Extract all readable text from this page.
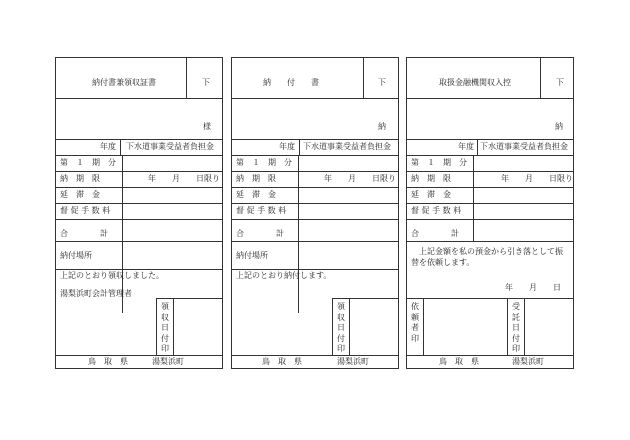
納付書兼領収証書	下
様
年度 下水道事業受益者負担金
第　１　期　分
納　期　限	年　　月　　日限り
延　滞　金
督 促 手 数 料
合　　　　計
納付場所
上記のとおり領収しました。
湯梨浜町会計管理者
領収日付印
鳥　取　県	湯梨浜町
納　　付　　書	下
納
年度 下水道事業受益者負担金
第　１　期　分
納　期　限	年　　月　　日限り
延　滞　金
督 促 手 数 料
合　　　　計
納付場所
上記のとおり納付します。
領収日付印
鳥　取　県	湯梨浜町
取扱金融機関収入控	下
納
年度 下水道事業受益者負担金
第　１　期　分
納　期　限	年　　月　　日限り
延　滞　金
督 促 手 数 料
合　　　　計
上記金額を私の預金から引き落として振替を依頼します。
年　　月　　日
依頼者印
受託日付印
鳥　取　県	湯梨浜町
